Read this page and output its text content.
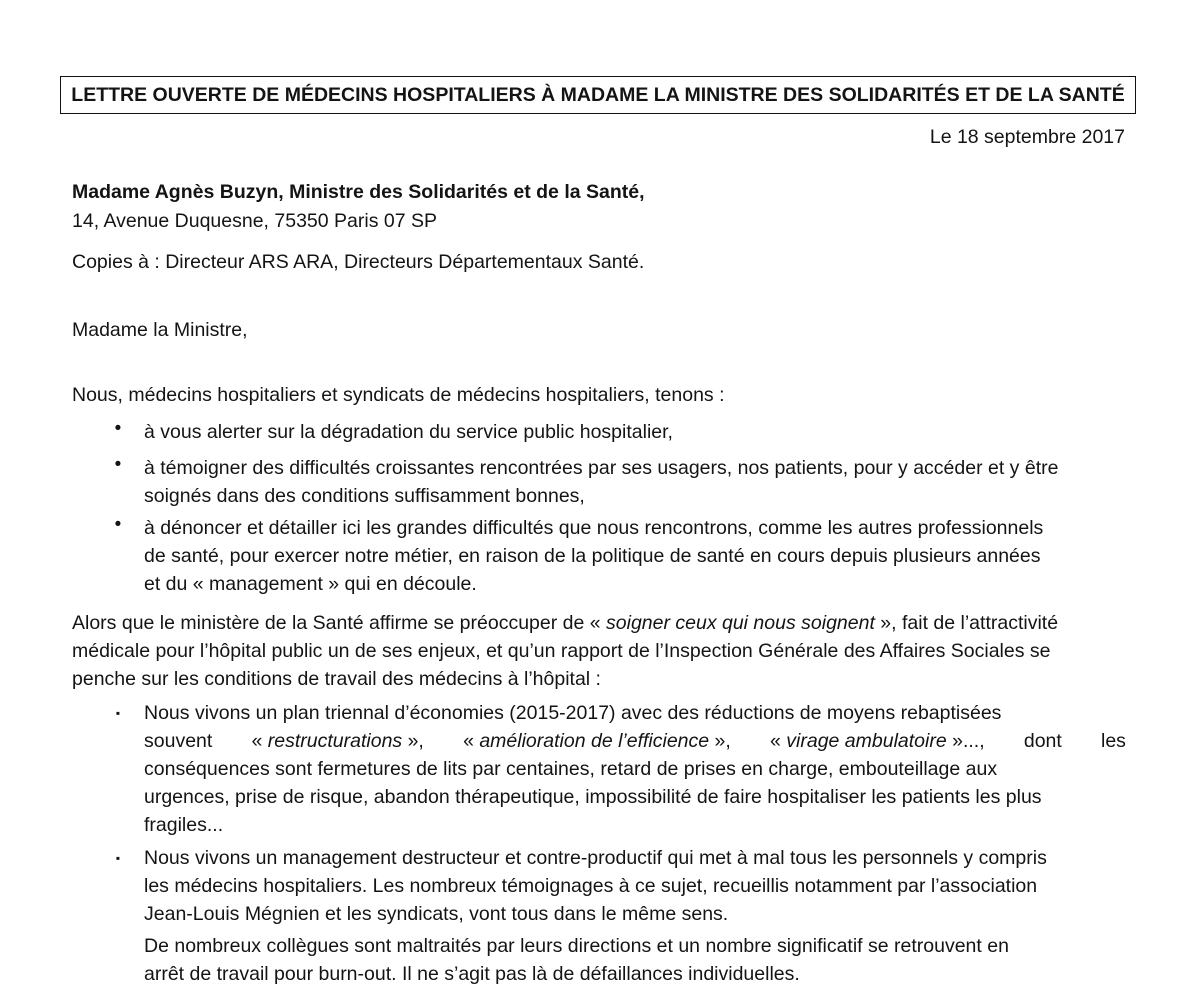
LETTRE OUVERTE DE MÉDECINS HOSPITALIERS À MADAME LA MINISTRE DES SOLIDARITÉS ET DE LA SANTÉ
Le 18 septembre 2017
Madame Agnès Buzyn, Ministre des Solidarités et de la Santé,
14, Avenue Duquesne, 75350 Paris 07 SP
Copies à : Directeur ARS ARA, Directeurs Départementaux Santé.
Madame la Ministre,
Nous, médecins hospitaliers et syndicats de médecins hospitaliers, tenons :
• à vous alerter sur la dégradation du service public hospitalier,
• à témoigner des difficultés croissantes rencontrées par ses usagers, nos patients, pour y accéder et y être
soignés dans des conditions suffisamment bonnes,
• à dénoncer et détailler ici les grandes difficultés que nous rencontrons, comme les autres professionnels
de santé, pour exercer notre métier, en raison de la politique de santé en cours depuis plusieurs années
et du « management » qui en découle.
Alors que le ministère de la Santé affirme se préoccuper de « soigner ceux qui nous soignent », fait de l’attractivité
médicale pour l’hôpital public un de ses enjeux, et qu’un rapport de l’Inspection Générale des Affaires Sociales se
penche sur les conditions de travail des médecins à l’hôpital :
▪	Nous vivons un plan triennal d’économies (2015-2017) avec des réductions de moyens rebaptisées
souvent « restructurations », « amélioration de l’efficience », « virage ambulatoire »..., dont les
conséquences sont fermetures de lits par centaines, retard de prises en charge, embouteillage aux
urgences, prise de risque, abandon thérapeutique, impossibilité de faire hospitaliser les patients les plus
fragiles...
▪	Nous vivons un management destructeur et contre-productif qui met à mal tous les personnels y compris
les médecins hospitaliers. Les nombreux témoignages à ce sujet, recueillis notamment par l’association
Jean-Louis Mégnien et les syndicats, vont tous dans le même sens.
De nombreux collègues sont maltraités par leurs directions et un nombre significatif se retrouvent en
arrêt de travail pour burn-out. Il ne s’agit pas là de défaillances individuelles.
